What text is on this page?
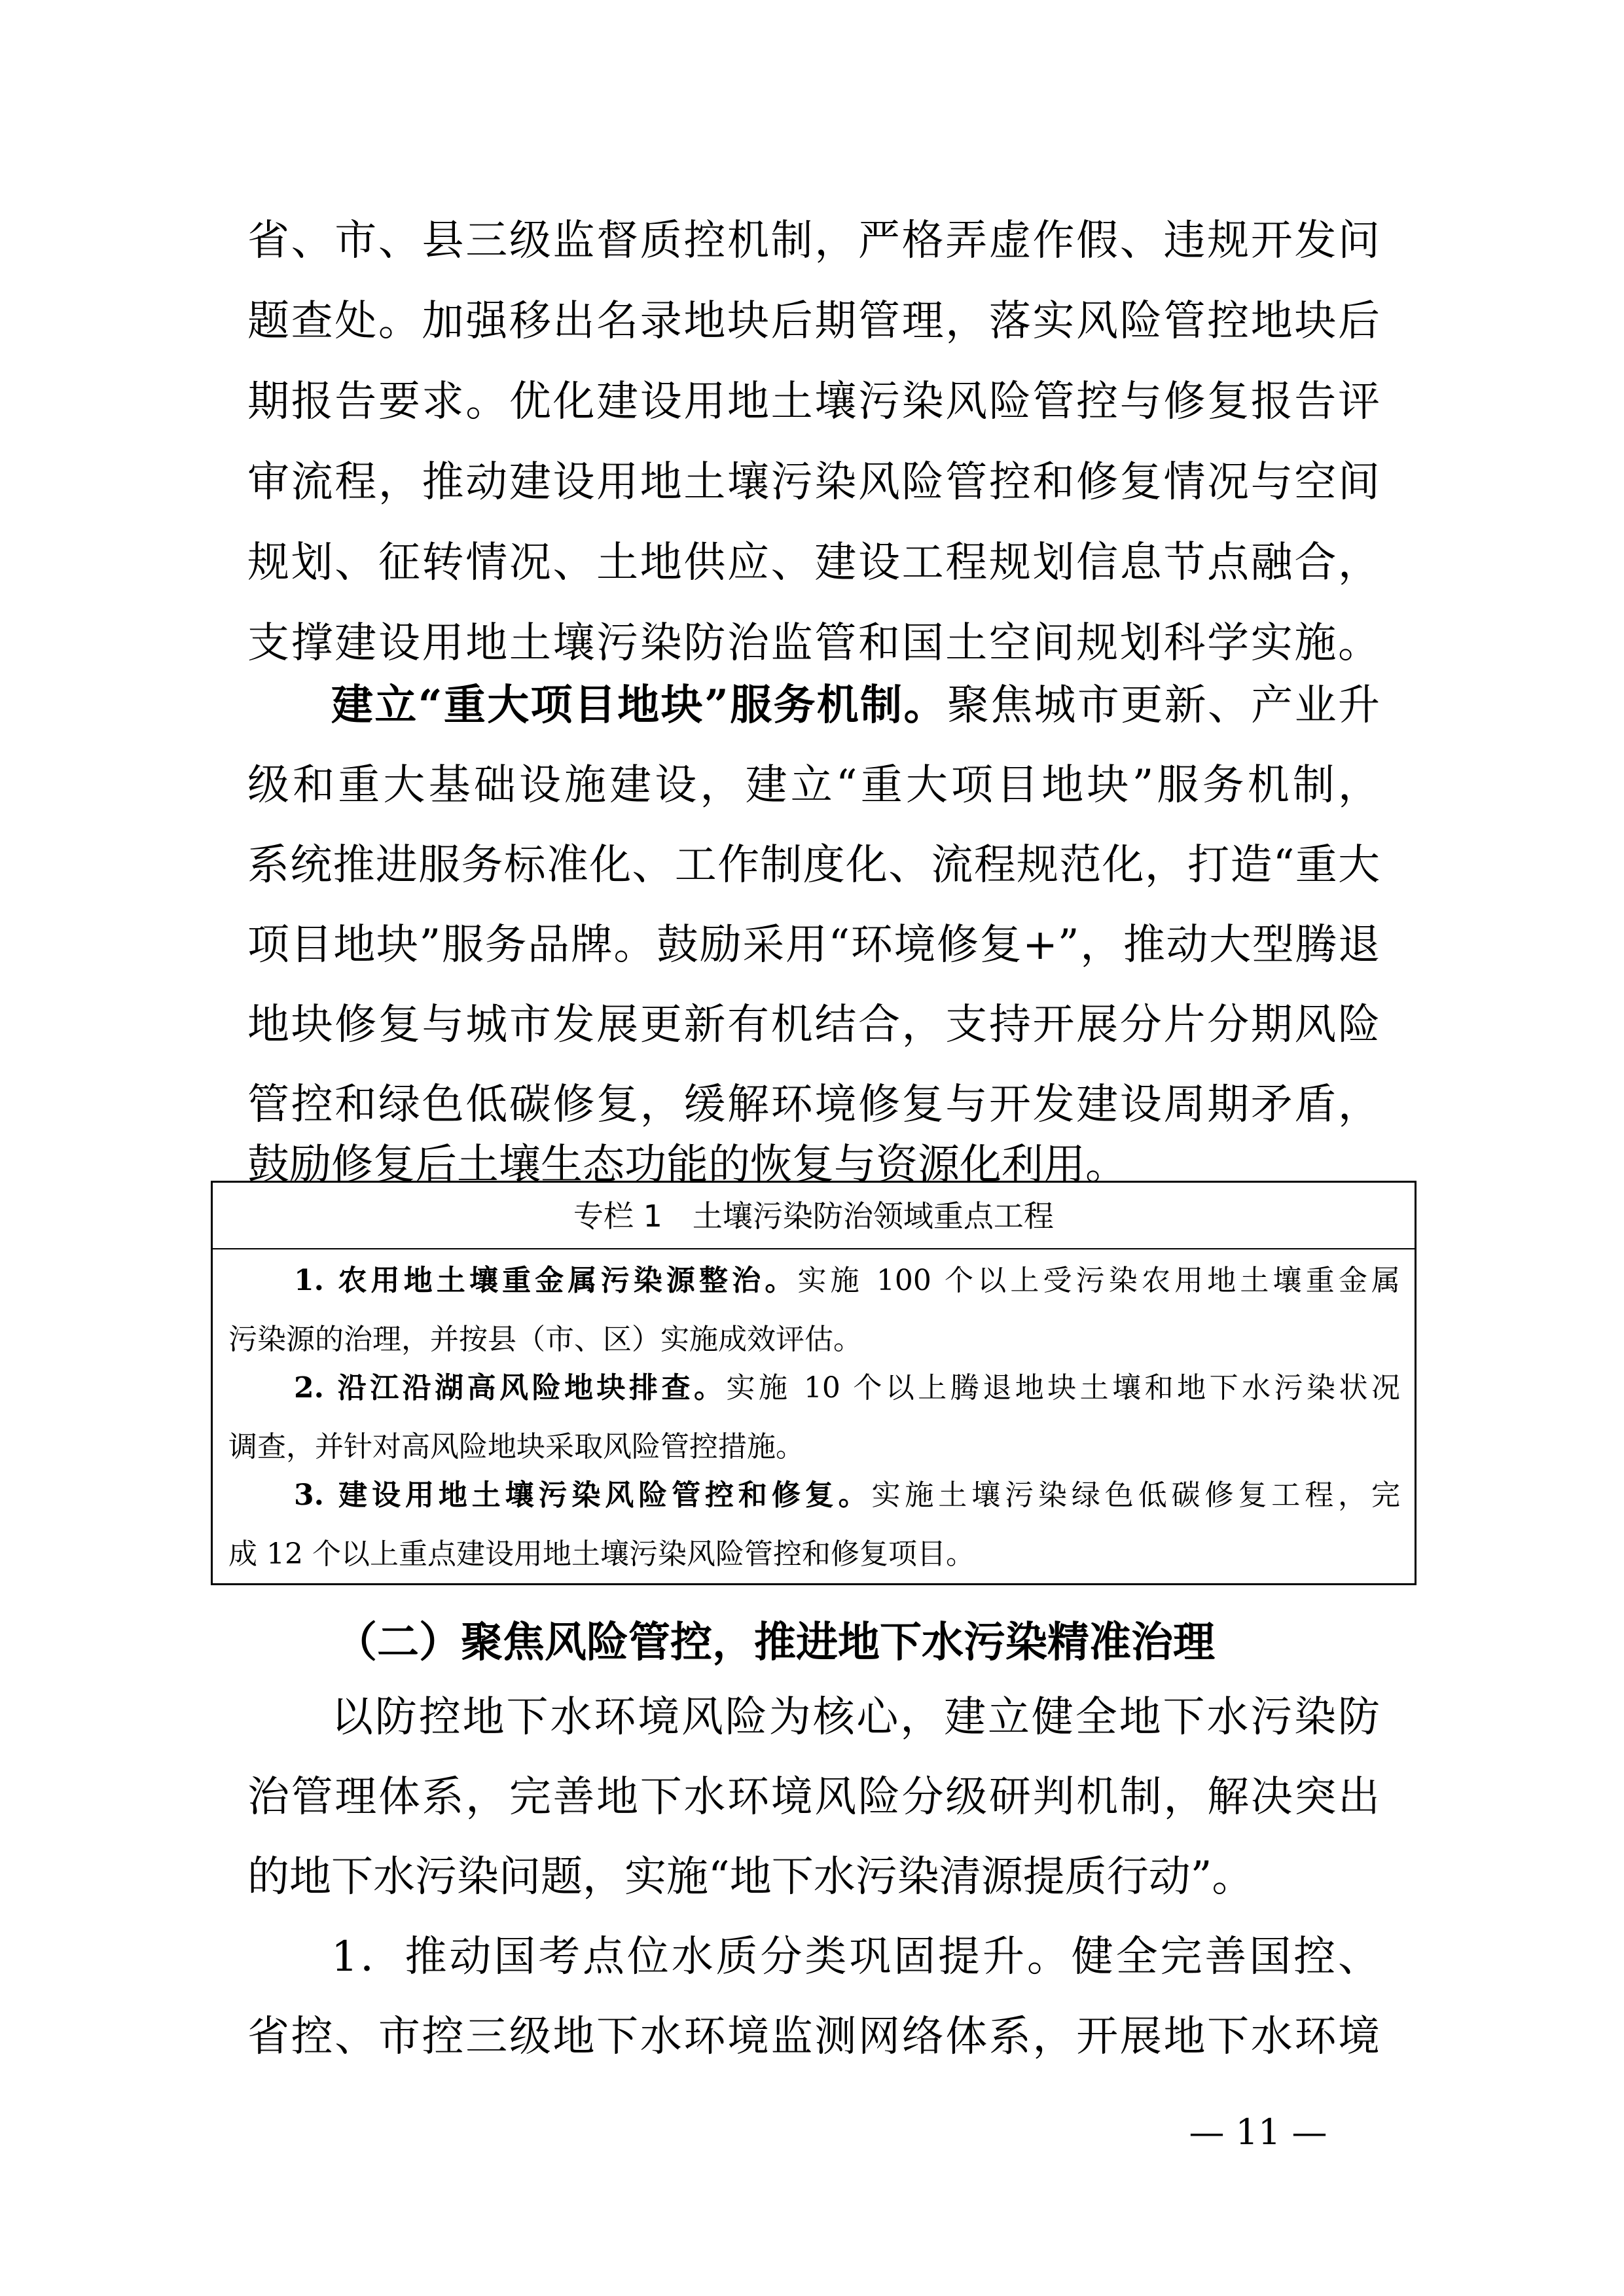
省、市、县三级监督质控机制，严格弄虚作假、违规开发问
题查处。加强移出名录地块后期管理，落实风险管控地块后
期报告要求。优化建设用地土壤污染风险管控与修复报告评
审流程，推动建设用地土壤污染风险管控和修复情况与空间
规划、征转情况、土地供应、建设工程规划信息节点融合，
支撑建设用地土壤污染防治监管和国土空间规划科学实施。
建立“重大项目地块”服务机制。聚焦城市更新、产业升
级和重大基础设施建设，建立“重大项目地块”服务机制，
系统推进服务标准化、工作制度化、流程规范化，打造“重大
项目地块”服务品牌。鼓励采用“环境修复+”，推动大型腾退
地块修复与城市发展更新有机结合，支持开展分片分期风险
管控和绿色低碳修复，缓解环境修复与开发建设周期矛盾，
鼓励修复后土壤生态功能的恢复与资源化利用。
专栏 1　土壤污染防治领域重点工程
1. 农用地土壤重金属污染源整治。实施 100 个以上受污染农用地土壤重金属
污染源的治理，并按县（市、区）实施成效评估。
2. 沿江沿湖高风险地块排查。实施 10 个以上腾退地块土壤和地下水污染状况
调查，并针对高风险地块采取风险管控措施。
3. 建设用地土壤污染风险管控和修复。实施土壤污染绿色低碳修复工程，完
成 12 个以上重点建设用地土壤污染风险管控和修复项目。
（二）聚焦风险管控，推进地下水污染精准治理
以防控地下水环境风险为核心，建立健全地下水污染防
治管理体系，完善地下水环境风险分级研判机制，解决突出
的地下水污染问题，实施“地下水污染清源提质行动”。
1．推动国考点位水质分类巩固提升。健全完善国控、
省控、市控三级地下水环境监测网络体系，开展地下水环境
— 11 —
